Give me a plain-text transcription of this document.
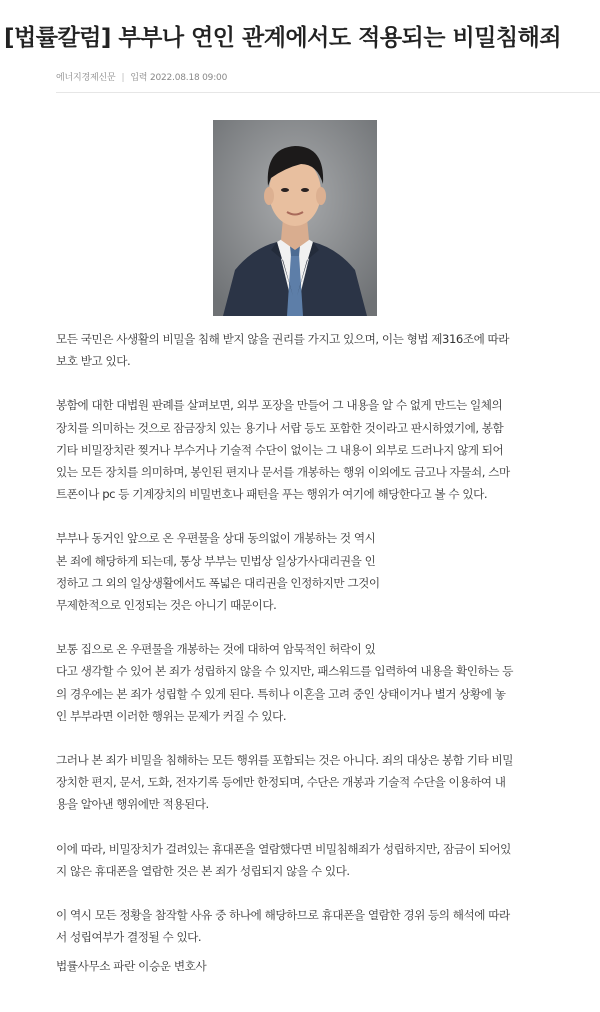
[법률칼럼] 부부나 연인 관계에서도 적용되는 비밀침해죄
에너지경제신문 | 입력 2022.08.18 09:00

모든 국민은 사생활의 비밀을 침해 받지 않을 권리를 가지고 있으며, 이는 형법 제316조에 따라
보호 받고 있다.

봉함에 대한 대법원 판례를 살펴보면, 외부 포장을 만들어 그 내용을 알 수 없게 만드는 일체의
장치를 의미하는 것으로 잠금장치 있는 용기나 서랍 등도 포함한 것이라고 판시하였기에, 봉함
기타 비밀장치란 찢거나 부수거나 기술적 수단이 없이는 그 내용이 외부로 드러나지 않게 되어
있는 모든 장치를 의미하며, 봉인된 편지나 문서를 개봉하는 행위 이외에도 금고나 자물쇠, 스마
트폰이나 pc 등 기계장치의 비밀번호나 패턴을 푸는 행위가 여기에 해당한다고 볼 수 있다.

부부나 동거인 앞으로 온 우편물을 상대 동의없이 개봉하는 것 역시
본 죄에 해당하게 되는데, 통상 부부는 민법상 일상가사대리권을 인
정하고 그 외의 일상생활에서도 폭넓은 대리권을 인정하지만 그것이
무제한적으로 인정되는 것은 아니기 때문이다.

보통 집으로 온 우편물을 개봉하는 것에 대하여 암묵적인 허락이 있
다고 생각할 수 있어 본 죄가 성립하지 않을 수 있지만, 패스워드를 입력하여 내용을 확인하는 등
의 경우에는 본 죄가 성립할 수 있게 된다. 특히나 이혼을 고려 중인 상태이거나 별거 상황에 놓
인 부부라면 이러한 행위는 문제가 커질 수 있다.

그러나 본 죄가 비밀을 침해하는 모든 행위를 포함되는 것은 아니다. 죄의 대상은 봉함 기타 비밀
장치한 편지, 문서, 도화, 전자기록 등에만 한정되며, 수단은 개봉과 기술적 수단을 이용하여 내
용을 알아낸 행위에만 적용된다.

이에 따라, 비밀장치가 걸려있는 휴대폰을 열람했다면 비밀침해죄가 성립하지만, 잠금이 되어있
지 않은 휴대폰을 열람한 것은 본 죄가 성립되지 않을 수 있다.

이 역시 모든 정황을 참작할 사유 중 하나에 해당하므로 휴대폰을 열람한 경위 등의 해석에 따라
서 성립여부가 결정될 수 있다.

법률사무소 파란 이승운 변호사
